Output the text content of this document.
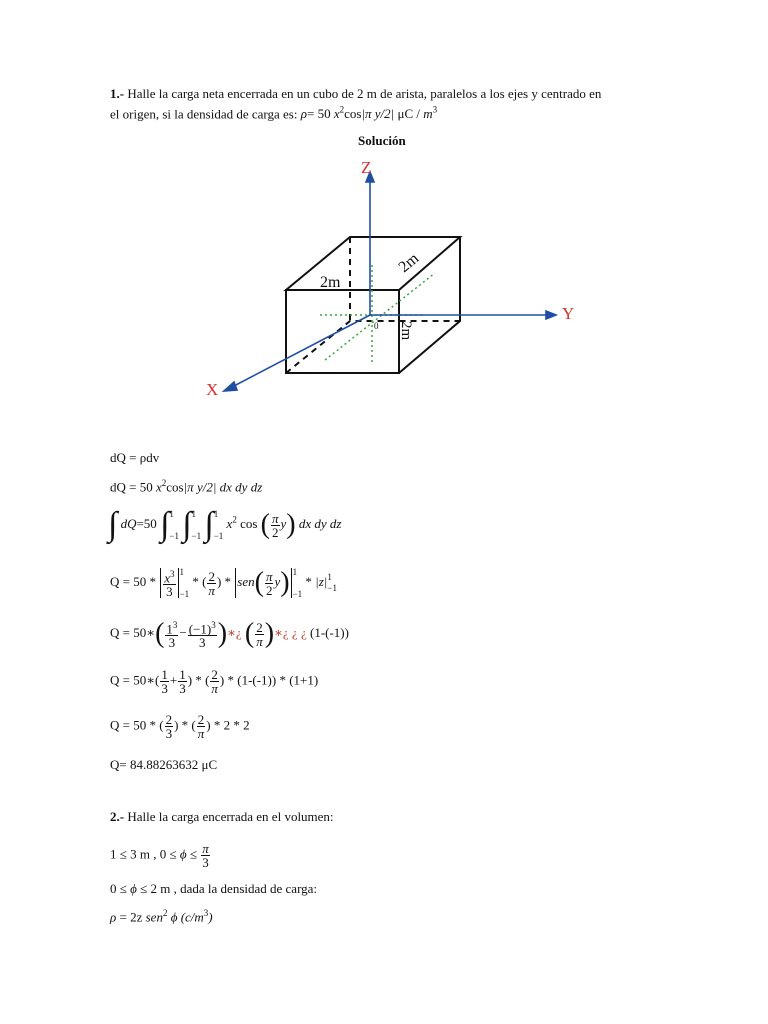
1.- Halle la carga neta encerrada en un cubo de 2 m de arista, paralelos a los ejes y centrado en
el origen, si la densidad de carga es: ρ= 50 $x^2\cos|\pi$ y/2| μC / $m^3$
Solución
Z
Y
X
0
2m
2m
2m
dQ = ρdv
dQ = 50 $x^2\cos|\pi$ y/2| dx dy dz
∫ dQ=50 ∫1

−1 ∫1

−1 ∫1

−1 $x^2$ cos ( $\frac{\pi}{2} y$) dx dy dz
$Q = 50 * \frac{x^3}{3} 1$

−1 * ( $\frac{2}{\pi}$ ) * $sen( \frac{\pi}{2} y)$ 1

−1 * |z|1
−1
Q = 50∗( $\frac{1^3}{3} - \frac{(-1)^3}{3}$ )∗¿ ( $\frac{2}{\pi}$ )∗¿ ¿ ¿ (1-(-1))
Q = 50∗( $\frac{1}{3} + \frac{1}{3}$ ) * ( $\frac{2}{\pi}$ ) * (1-(-1)) * (1+1)
Q = 50 * ( $\frac{2}{3}$ ) * ( $\frac{2}{\pi}$ ) * 2 * 2
Q= 84.88263632 μC
2.- Halle la carga encerrada en el volumen:
1 ≤ 3 m , $0 \le \phi \le \frac{\pi}{3}$
0 ≤ ϕ ≤ 2 m , dada la densidad de carga:
ρ = 2z sen$^2$ ϕ $(c/m^3)$
